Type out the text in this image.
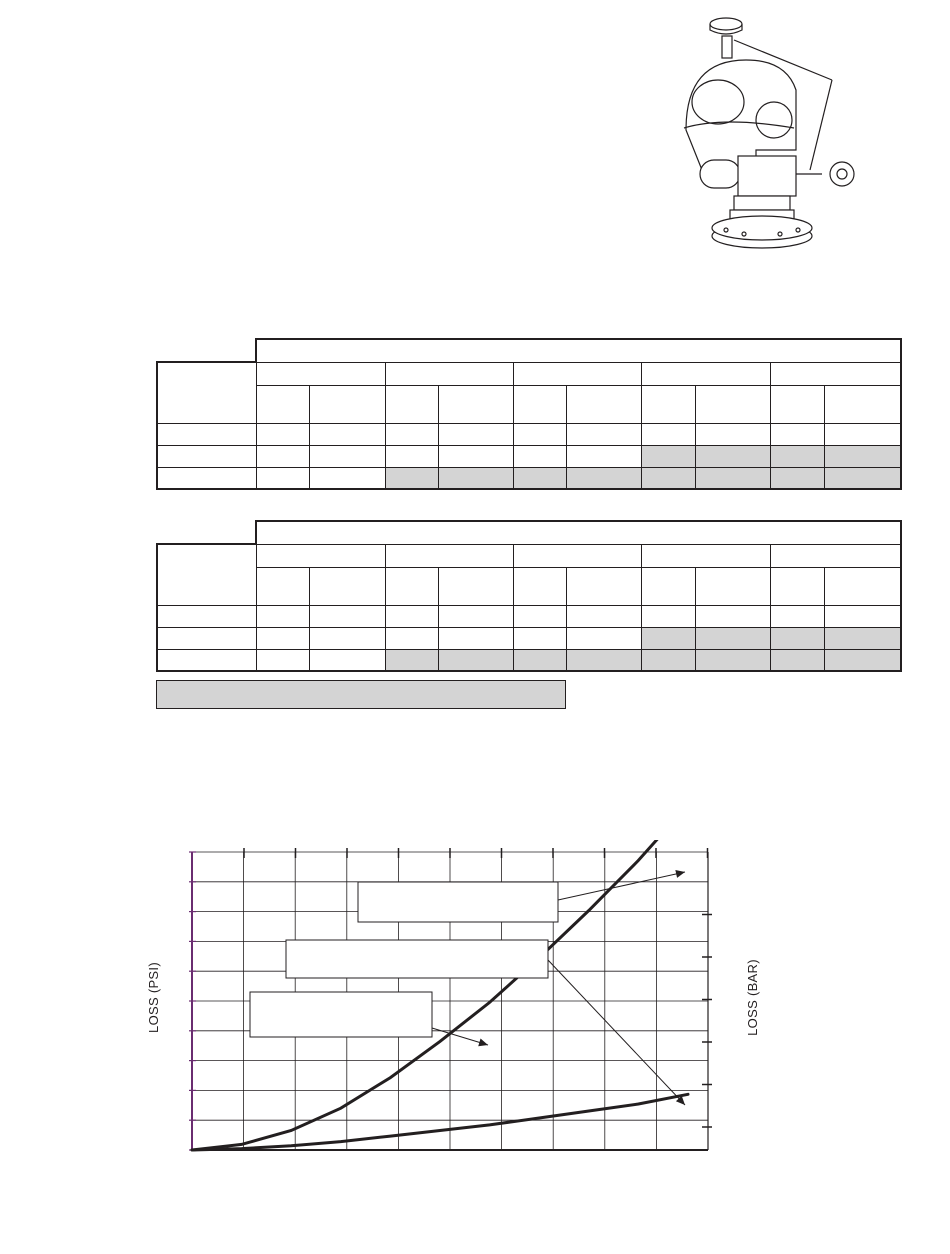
LOSS (PSI)	LOSS (BAR)
